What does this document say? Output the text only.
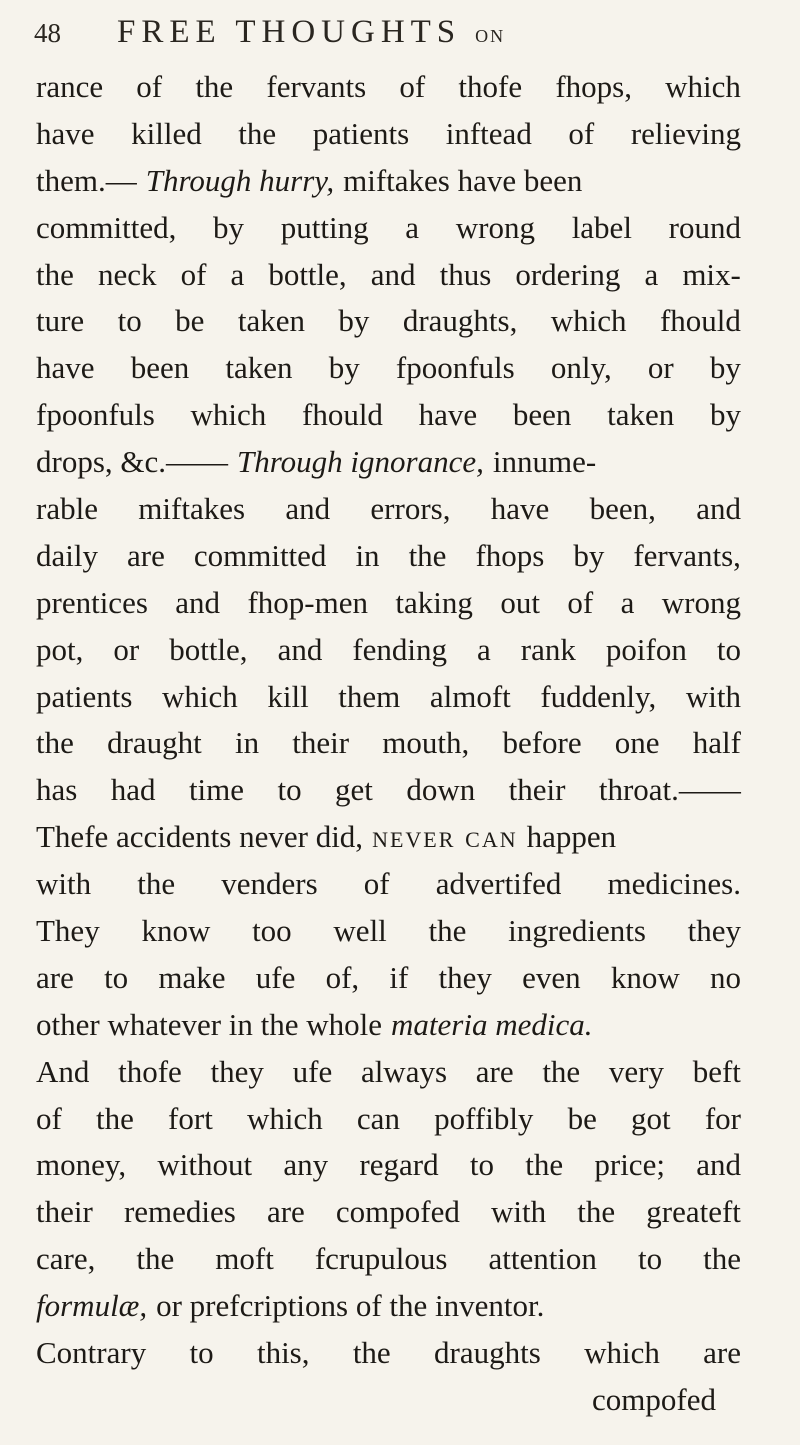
48 FREE THOUGHTS ON
rance of the fervants of thofe fhops, which
have killed the patients inftead of relieving
them.— Through hurry, miftakes have been
committed, by putting a wrong label round
the neck of a bottle, and thus ordering a mix-
ture to be taken by draughts, which fhould
have been taken by fpoonfuls only, or by
fpoonfuls which fhould have been taken by
drops, &c.—— Through ignorance, innume-
rable miftakes and errors, have been, and
daily are committed in the fhops by fervants,
prentices and fhop-men taking out of a wrong
pot, or bottle, and fending a rank poifon to
patients which kill them almoft fuddenly, with
the draught in their mouth, before one half
has had time to get down their throat.——
Thefe accidents never did, never can happen
with the venders of advertifed medicines.
They know too well the ingredients they
are to make ufe of, if they even know no
other whatever in the whole materia medica.
And thofe they ufe always are the very beft
of the fort which can poffibly be got for
money, without any regard to the price; and
their remedies are compofed with the greateft
care, the moft fcrupulous attention to the
formulæ, or prefcriptions of the inventor.
Contrary to this, the draughts which are
compofed
